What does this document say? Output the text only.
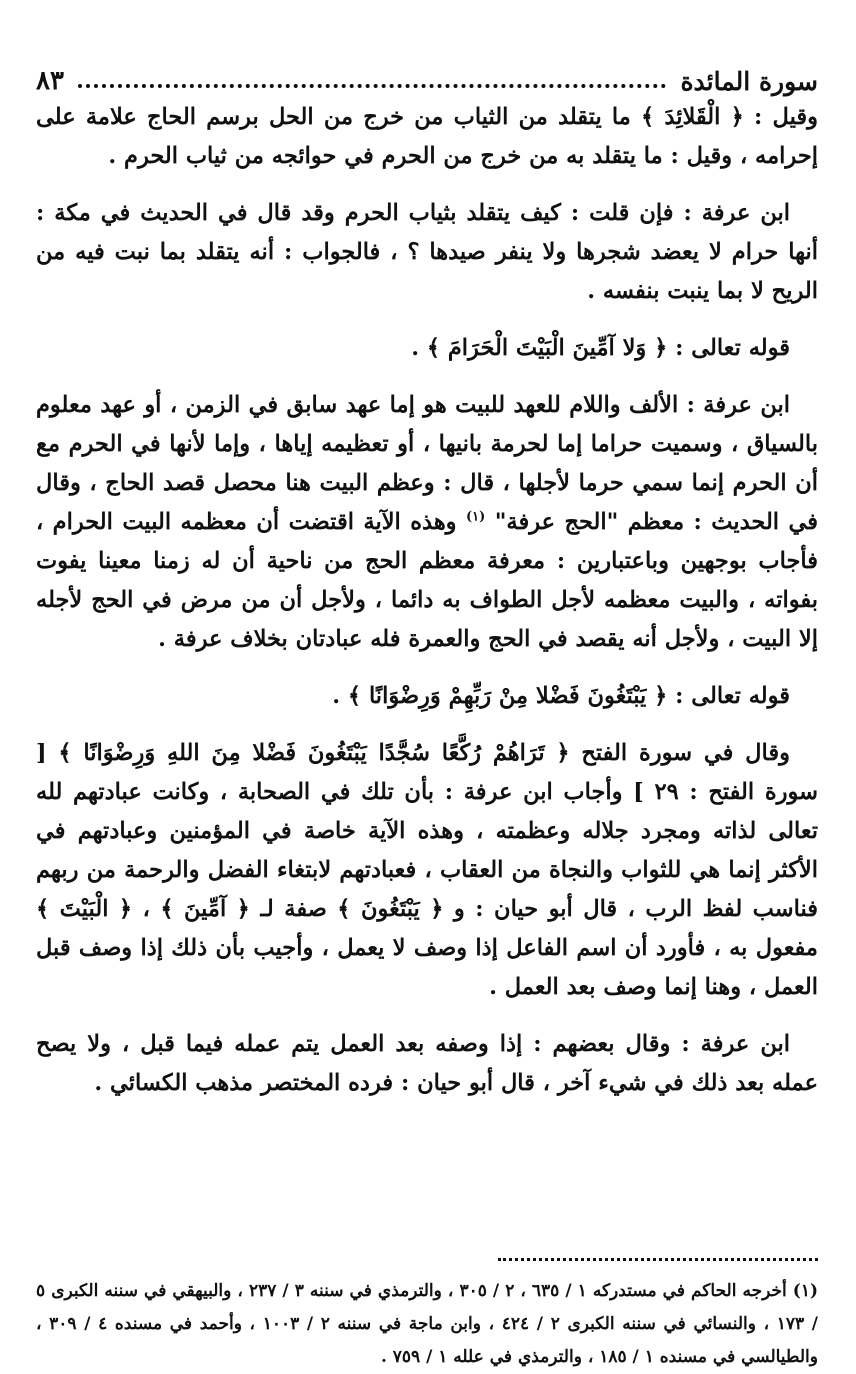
سورة المائدة
٨٣

وقيل : ﴿ الْقَلائِدَ ﴾ ما يتقلد من الثياب من خرج من الحل برسم الحاج علامة على إحرامه ، وقيل : ما يتقلد به من خرج من الحرم في حوائجه من ثياب الحرم .

ابن عرفة : فإن قلت : كيف يتقلد بثياب الحرم وقد قال في الحديث في مكة : أنها حرام لا يعضد شجرها ولا ينفر صيدها ؟ ، فالجواب : أنه يتقلد بما نبت فيه من الريح لا بما ينبت بنفسه .

قوله تعالى : ﴿ وَلا آمِّينَ الْبَيْتَ الْحَرَامَ ﴾ .

ابن عرفة : الألف واللام للعهد للبيت هو إما عهد سابق في الزمن ، أو عهد معلوم بالسياق ، وسميت حراما إما لحرمة بانيها ، أو تعظيمه إياها ، وإما لأنها في الحرم مع أن الحرم إنما سمي حرما لأجلها ، قال : وعظم البيت هنا محصل قصد الحاج ، وقال في الحديث : معظم "الحج عرفة" $^{(١)}$ وهذه الآية اقتضت أن معظمه البيت الحرام ، فأجاب بوجهين وباعتبارين : معرفة معظم الحج من ناحية أن له زمنا معينا يفوت بفواته ، والبيت معظمه لأجل الطواف به دائما ، ولأجل أن من مرض في الحج لأجله إلا البيت ، ولأجل أنه يقصد في الحج والعمرة فله عبادتان بخلاف عرفة .

قوله تعالى : ﴿ يَبْتَغُونَ فَضْلا مِنْ رَبِّهِمْ وَرِضْوَانًا ﴾ .

وقال في سورة الفتح ﴿ تَرَاهُمْ رُكَّعًا سُجَّدًا يَبْتَغُونَ فَضْلا مِنَ اللهِ وَرِضْوَانًا ﴾ [ سورة الفتح : ٢٩ ] وأجاب ابن عرفة : بأن تلك في الصحابة ، وكانت عبادتهم لله تعالى لذاته ومجرد جلاله وعظمته ، وهذه الآية خاصة في المؤمنين وعبادتهم في الأكثر إنما هي للثواب والنجاة من العقاب ، فعبادتهم لابتغاء الفضل والرحمة من ربهم فناسب لفظ الرب ، قال أبو حيان : و ﴿ يَبْتَغُونَ ﴾ صفة لـ ﴿ آمِّينَ ﴾ ، ﴿ الْبَيْتَ ﴾ مفعول به ، فأورد أن اسم الفاعل إذا وصف لا يعمل ، وأجيب بأن ذلك إذا وصف قبل العمل ، وهنا إنما وصف بعد العمل .

ابن عرفة : وقال بعضهم : إذا وصفه بعد العمل يتم عمله فيما قبل ، ولا يصح عمله بعد ذلك في شيء آخر ، قال أبو حيان : فرده المختصر مذهب الكسائي .

(١) أخرجه الحاكم في مستدركه ١ / ٦٣٥ ، ٢ / ٣٠٥ ، والترمذي في سننه ٣ / ٢٣٧ ، والبيهقي في سننه الكبرى ٥ / ١٧٣ ، والنسائي في سننه الكبرى ٢ / ٤٢٤ ، وابن ماجة في سننه ٢ / ١٠٠٣ ، وأحمد في مسنده ٤ / ٣٠٩ ، والطيالسي في مسنده ١ / ١٨٥ ، والترمذي في علله ١ / ٧٥٩ .
